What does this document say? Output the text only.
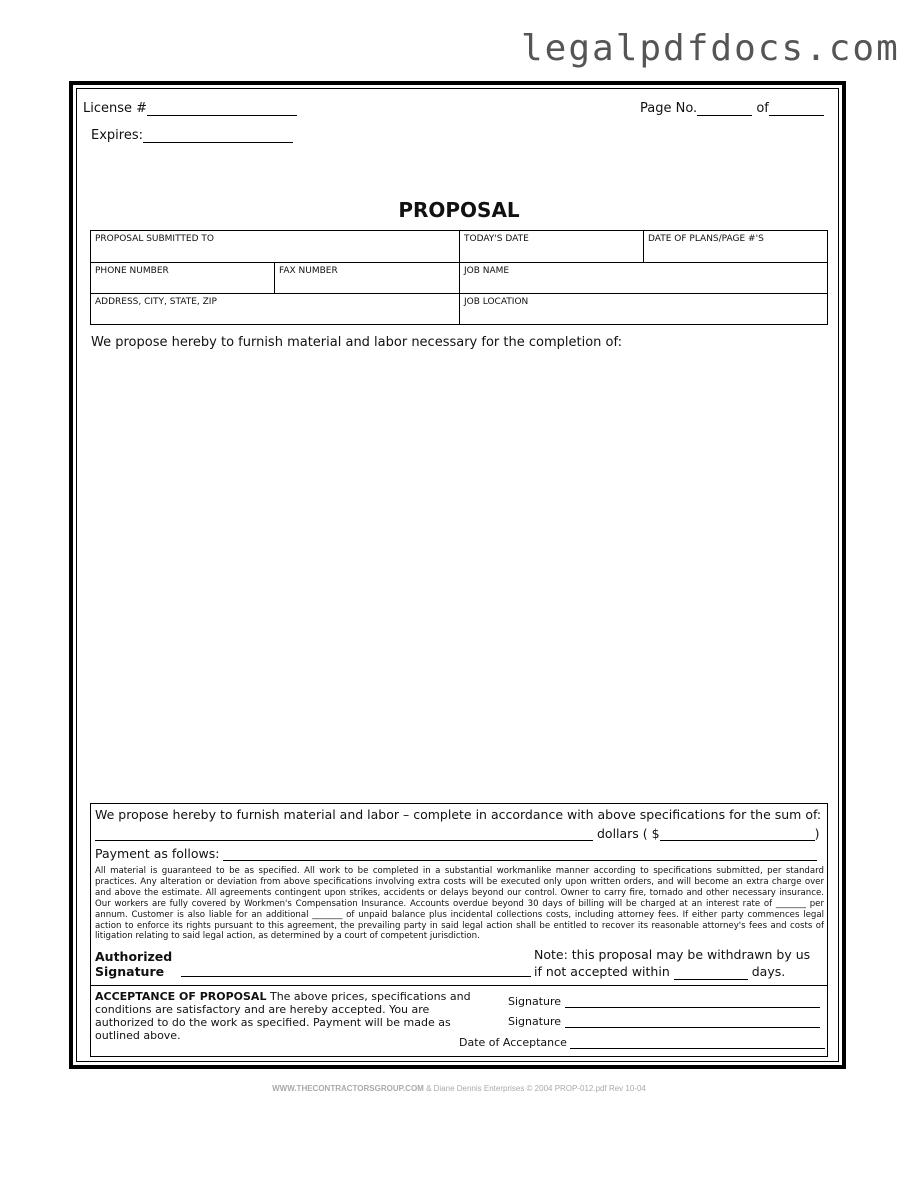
legalpdfdocs.com
License #
Expires:
Page No.	of
PROPOSAL
PROPOSAL SUBMITTED TO	TODAY'S DATE	DATE OF PLANS/PAGE #'S
PHONE NUMBER	FAX NUMBER	JOB NAME
ADDRESS, CITY, STATE, ZIP	JOB LOCATION
We propose hereby to furnish material and labor necessary for the completion of:
We propose hereby to furnish material and labor – complete in accordance with above specifications for the sum of:
dollars ( $	)
Payment as follows:
All material is guaranteed to be as specified. All work to be completed in a substantial workmanlike manner according to specifications submitted, per standard practices. Any alteration or deviation from above specifications involving extra costs will be executed only upon written orders, and will become an extra charge over and above the estimate. All agreements contingent upon strikes, accidents or delays beyond our control. Owner to carry fire, tornado and other necessary insurance. Our workers are fully covered by Workmen's Compensation Insurance. Accounts overdue beyond 30 days of billing will be charged at an interest rate of _______ per annum. Customer is also liable for an additional _______ of unpaid balance plus incidental collections costs, including attorney fees. If either party commences legal action to enforce its rights pursuant to this agreement, the prevailing party in said legal action shall be entitled to recover its reasonable attorney's fees and costs of litigation relating to said legal action, as determined by a court of competent jurisdiction.
Authorized
Signature
Note: this proposal may be withdrawn by us
if not accepted within	days.
ACCEPTANCE OF PROPOSAL The above prices, specifications and conditions are satisfactory and are hereby accepted. You are authorized to do the work as specified. Payment will be made as outlined above.
Signature
Signature
Date of Acceptance
WWW.THECONTRACTORSGROUP.COM & Diane Dennis Enterprises © 2004 PROP-012.pdf Rev 10-04
